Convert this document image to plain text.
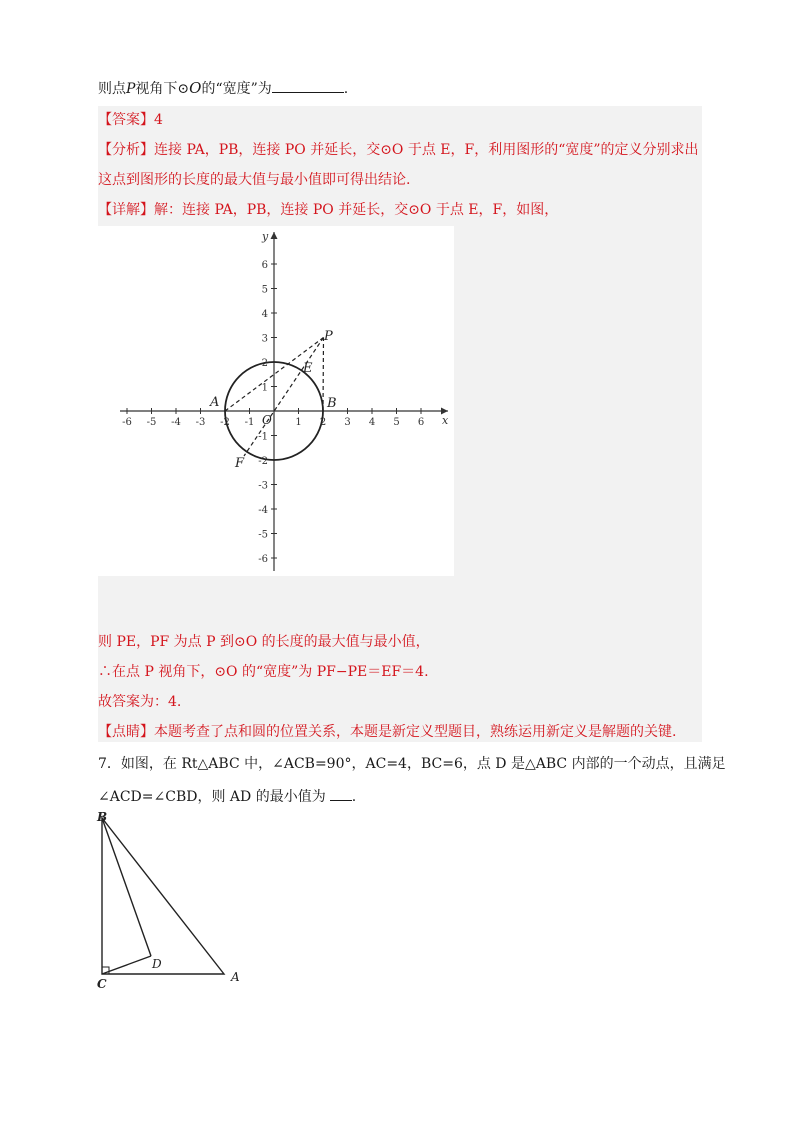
则点P视角下⊙O的“宽度”为	.
【答案】4
【分析】连接 PA，PB，连接 PO 并延长，交⊙O 于点 E，F，利用图形的“宽度”的定义分别求出
这点到图形的长度的最大值与最小值即可得出结论.
【详解】解：连接 PA，PB，连接 PO 并延长，交⊙O 于点 E，F，如图，
-6 -5 -4 -3 -2 -1	1 2 3 4 5 6
6
5
4
3
2
1
-1
-2
-3
-4
-5
-6
x
y
P
A	B
E
F
O
则 PE，PF 为点 P 到⊙O 的长度的最大值与最小值，
∴在点 P 视角下，⊙O 的“宽度”为 PF−PE＝EF＝4.
故答案为：4.
【点睛】本题考查了点和圆的位置关系，本题是新定义型题目，熟练运用新定义是解题的关键.
7．如图，在 Rt△ABC 中，∠ACB=90°，AC=4，BC=6，点 D 是△ABC 内部的一个动点，且满足
∠ACD=∠CBD，则 AD 的最小值为 .
B
C	A
D
